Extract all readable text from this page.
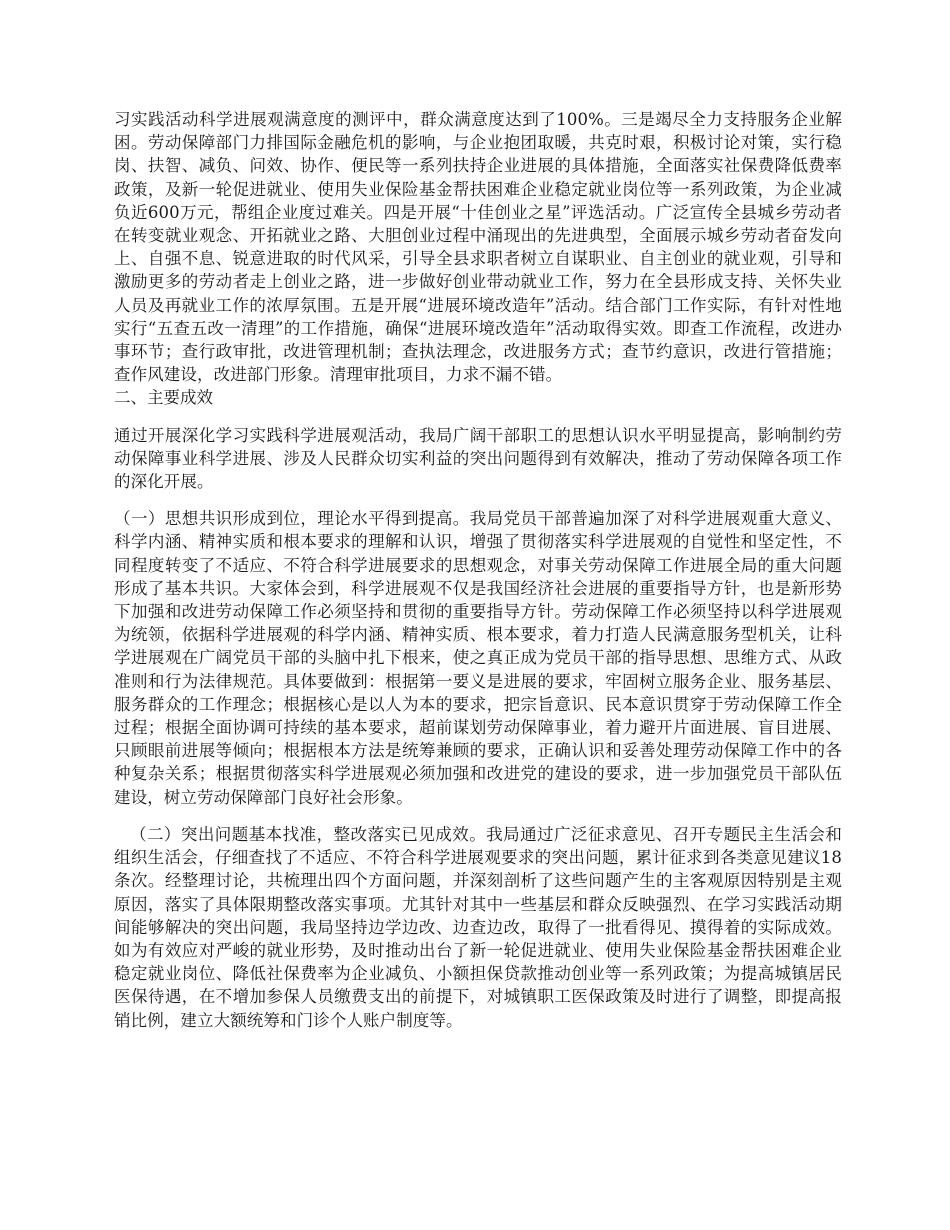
习实践活动科学进展观满意度的测评中，群众满意度达到了100%。三是竭尽全力支持服务企业解困。劳动保障部门力排国际金融危机的影响，与企业抱团取暖，共克时艰，积极讨论对策，实行稳岗、扶智、减负、问效、协作、便民等一系列扶持企业进展的具体措施，全面落实社保费降低费率政策，及新一轮促进就业、使用失业保险基金帮扶困难企业稳定就业岗位等一系列政策，为企业减负近600万元，帮组企业度过难关。四是开展“十佳创业之星”评选活动。广泛宣传全县城乡劳动者在转变就业观念、开拓就业之路、大胆创业过程中涌现出的先进典型，全面展示城乡劳动者奋发向上、自强不息、锐意进取的时代风采，引导全县求职者树立自谋职业、自主创业的就业观，引导和激励更多的劳动者走上创业之路，进一步做好创业带动就业工作，努力在全县形成支持、关怀失业人员及再就业工作的浓厚氛围。五是开展“进展环境改造年”活动。结合部门工作实际，有针对性地实行“五查五改一清理”的工作措施，确保“进展环境改造年”活动取得实效。即查工作流程，改进办事环节；查行政审批，改进管理机制；查执法理念，改进服务方式；查节约意识，改进行管措施；查作风建设，改进部门形象。清理审批项目，力求不漏不错。

二、主要成效

通过开展深化学习实践科学进展观活动，我局广阔干部职工的思想认识水平明显提高，影响制约劳动保障事业科学进展、涉及人民群众切实利益的突出问题得到有效解决，推动了劳动保障各项工作的深化开展。

（一）思想共识形成到位，理论水平得到提高。我局党员干部普遍加深了对科学进展观重大意义、科学内涵、精神实质和根本要求的理解和认识，增强了贯彻落实科学进展观的自觉性和坚定性，不同程度转变了不适应、不符合科学进展要求的思想观念，对事关劳动保障工作进展全局的重大问题形成了基本共识。大家体会到，科学进展观不仅是我国经济社会进展的重要指导方针，也是新形势下加强和改进劳动保障工作必须坚持和贯彻的重要指导方针。劳动保障工作必须坚持以科学进展观为统领，依据科学进展观的科学内涵、精神实质、根本要求，着力打造人民满意服务型机关，让科学进展观在广阔党员干部的头脑中扎下根来，使之真正成为党员干部的指导思想、思维方式、从政准则和行为法律规范。具体要做到：根据第一要义是进展的要求，牢固树立服务企业、服务基层、服务群众的工作理念；根据核心是以人为本的要求，把宗旨意识、民本意识贯穿于劳动保障工作全过程；根据全面协调可持续的基本要求，超前谋划劳动保障事业，着力避开片面进展、盲目进展、只顾眼前进展等倾向；根据根本方法是统筹兼顾的要求，正确认识和妥善处理劳动保障工作中的各种复杂关系；根据贯彻落实科学进展观必须加强和改进党的建设的要求，进一步加强党员干部队伍建设，树立劳动保障部门良好社会形象。

（二）突出问题基本找准，整改落实已见成效。我局通过广泛征求意见、召开专题民主生活会和组织生活会，仔细查找了不适应、不符合科学进展观要求的突出问题，累计征求到各类意见建议18条次。经整理讨论，共梳理出四个方面问题，并深刻剖析了这些问题产生的主客观原因特别是主观原因，落实了具体限期整改落实事项。尤其针对其中一些基层和群众反映强烈、在学习实践活动期间能够解决的突出问题，我局坚持边学边改、边查边改，取得了一批看得见、摸得着的实际成效。如为有效应对严峻的就业形势，及时推动出台了新一轮促进就业、使用失业保险基金帮扶困难企业稳定就业岗位、降低社保费率为企业减负、小额担保贷款推动创业等一系列政策；为提高城镇居民医保待遇，在不增加参保人员缴费支出的前提下，对城镇职工医保政策及时进行了调整，即提高报销比例，建立大额统筹和门诊个人账户制度等。
